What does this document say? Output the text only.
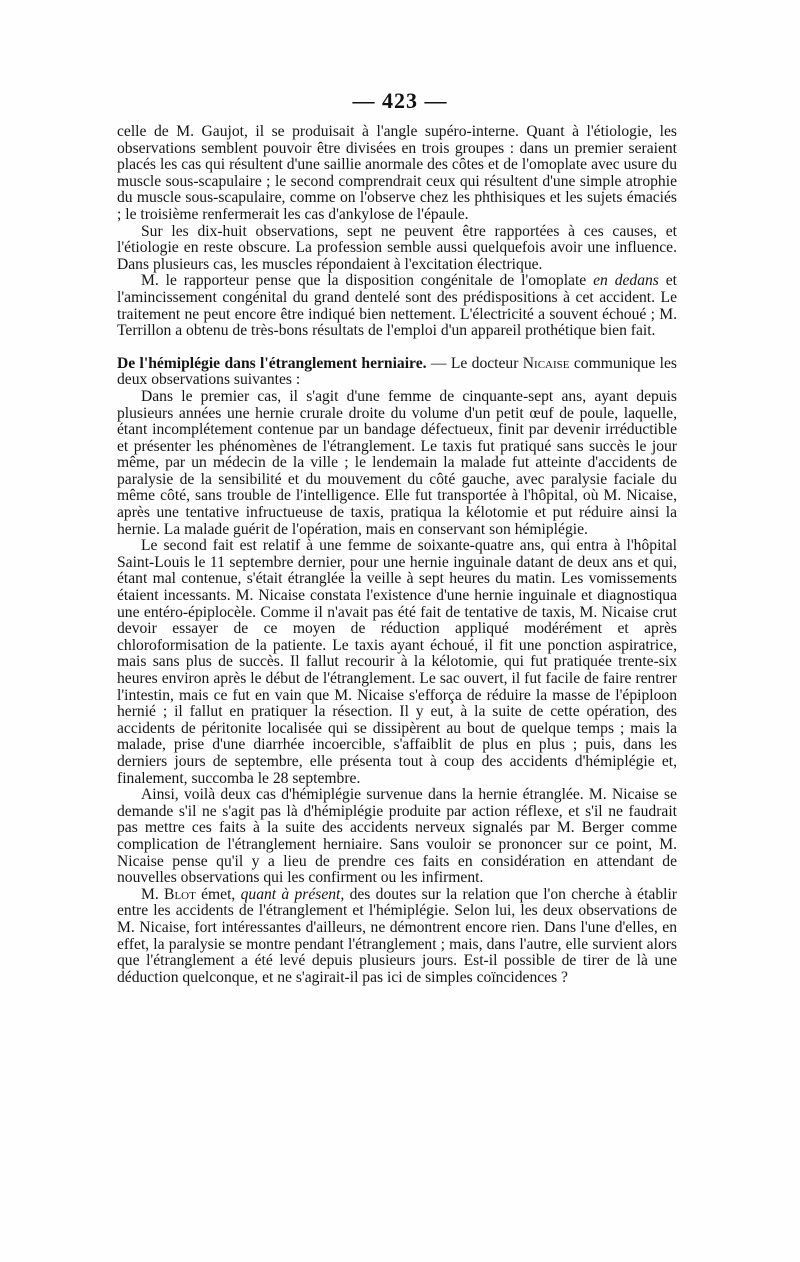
— 423 —

celle de M. Gaujot, il se produisait à l'angle supéro-interne. Quant à l'étiologie, les observations semblent pouvoir être divisées en trois groupes : dans un premier seraient placés les cas qui résultent d'une saillie anormale des côtes et de l'omoplate avec usure du muscle sous-scapulaire ; le second comprendrait ceux qui résultent d'une simple atrophie du muscle sous-scapulaire, comme on l'observe chez les phthisiques et les sujets émaciés ; le troisième renfermerait les cas d'ankylose de l'épaule.

Sur les dix-huit observations, sept ne peuvent être rapportées à ces causes, et l'étiologie en reste obscure. La profession semble aussi quelquefois avoir une influence. Dans plusieurs cas, les muscles répondaient à l'excitation électrique.

M. le rapporteur pense que la disposition congénitale de l'omoplate en dedans et l'amincissement congénital du grand dentelé sont des prédispositions à cet accident. Le traitement ne peut encore être indiqué bien nettement. L'électricité a souvent échoué ; M. Terrillon a obtenu de très-bons résultats de l'emploi d'un appareil prothétique bien fait.

De l'hémiplégie dans l'étranglement herniaire. — Le docteur Nicaise communique les deux observations suivantes :

Dans le premier cas, il s'agit d'une femme de cinquante-sept ans, ayant depuis plusieurs années une hernie crurale droite du volume d'un petit œuf de poule, laquelle, étant incomplétement contenue par un bandage défectueux, finit par devenir irréductible et présenter les phénomènes de l'étranglement. Le taxis fut pratiqué sans succès le jour même, par un médecin de la ville ; le lendemain la malade fut atteinte d'accidents de paralysie de la sensibilité et du mouvement du côté gauche, avec paralysie faciale du même côté, sans trouble de l'intelligence. Elle fut transportée à l'hôpital, où M. Nicaise, après une tentative infructueuse de taxis, pratiqua la kélotomie et put réduire ainsi la hernie. La malade guérit de l'opération, mais en conservant son hémiplégie.

Le second fait est relatif à une femme de soixante-quatre ans, qui entra à l'hôpital Saint-Louis le 11 septembre dernier, pour une hernie inguinale datant de deux ans et qui, étant mal contenue, s'était étranglée la veille à sept heures du matin. Les vomissements étaient incessants. M. Nicaise constata l'existence d'une hernie inguinale et diagnostiqua une entéro-épiplocèle. Comme il n'avait pas été fait de tentative de taxis, M. Nicaise crut devoir essayer de ce moyen de réduction appliqué modérément et après chloroformisation de la patiente. Le taxis ayant échoué, il fit une ponction aspiratrice, mais sans plus de succès. Il fallut recourir à la kélotomie, qui fut pratiquée trente-six heures environ après le début de l'étranglement. Le sac ouvert, il fut facile de faire rentrer l'intestin, mais ce fut en vain que M. Nicaise s'efforça de réduire la masse de l'épiploon hernié ; il fallut en pratiquer la résection. Il y eut, à la suite de cette opération, des accidents de péritonite localisée qui se dissipèrent au bout de quelque temps ; mais la malade, prise d'une diarrhée incoercible, s'affaiblit de plus en plus ; puis, dans les derniers jours de septembre, elle présenta tout à coup des accidents d'hémiplégie et, finalement, succomba le 28 septembre.

Ainsi, voilà deux cas d'hémiplégie survenue dans la hernie étranglée. M. Nicaise se demande s'il ne s'agit pas là d'hémiplégie produite par action réflexe, et s'il ne faudrait pas mettre ces faits à la suite des accidents nerveux signalés par M. Berger comme complication de l'étranglement herniaire. Sans vouloir se prononcer sur ce point, M. Nicaise pense qu'il y a lieu de prendre ces faits en considération en attendant de nouvelles observations qui les confirment ou les infirment.

M. Blot émet, quant à présent, des doutes sur la relation que l'on cherche à établir entre les accidents de l'étranglement et l'hémiplégie. Selon lui, les deux observations de M. Nicaise, fort intéressantes d'ailleurs, ne démontrent encore rien. Dans l'une d'elles, en effet, la paralysie se montre pendant l'étranglement ; mais, dans l'autre, elle survient alors que l'étranglement a été levé depuis plusieurs jours. Est-il possible de tirer de là une déduction quelconque, et ne s'agirait-il pas ici de simples coïncidences ?
